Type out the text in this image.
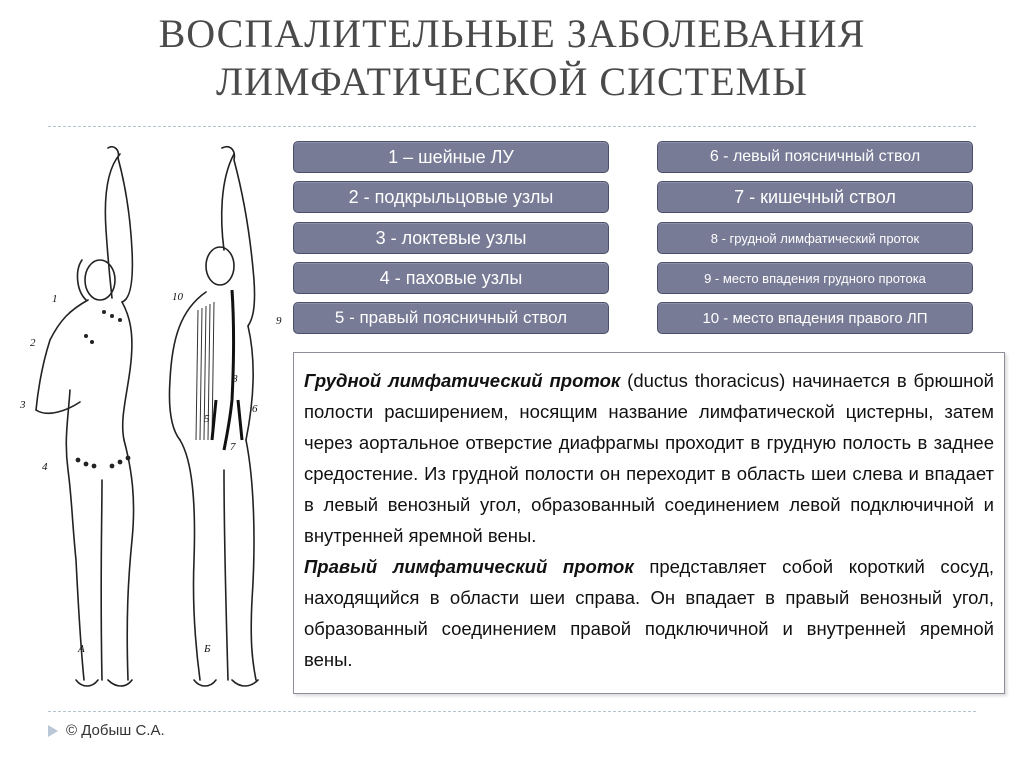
ВОСПАЛИТЕЛЬНЫЕ ЗАБОЛЕВАНИЯ
ЛИМФАТИЧЕСКОЙ СИСТЕМЫ
1
2
3
4
А
10
9
8
5
6
7
Б
1 – шейные ЛУ
2 - подкрыльцовые узлы
3 - локтевые узлы
4 - паховые узлы
5 - правый поясничный ствол
6 - левый поясничный ствол
7 - кишечный ствол
8 - грудной лимфатический проток
9 - место впадения грудного протока
10 - место впадения правого ЛП

Грудной лимфатический проток (ductus thoracicus) начинается в брюшной полости расширением, носящим название лимфатической цистерны, затем через аортальное отверстие диафрагмы проходит в грудную полость в заднее средостение. Из грудной полости он переходит в область шеи слева и впадает в левый венозный угол, образованный соединением левой подключичной и внутренней яремной вены.

Правый лимфатический проток представляет собой короткий сосуд, находящийся в области шеи справа. Он впадает в правый венозный угол, образованный соединением правой подключичной и внутренней яремной вены.

© Добыш С.А.
